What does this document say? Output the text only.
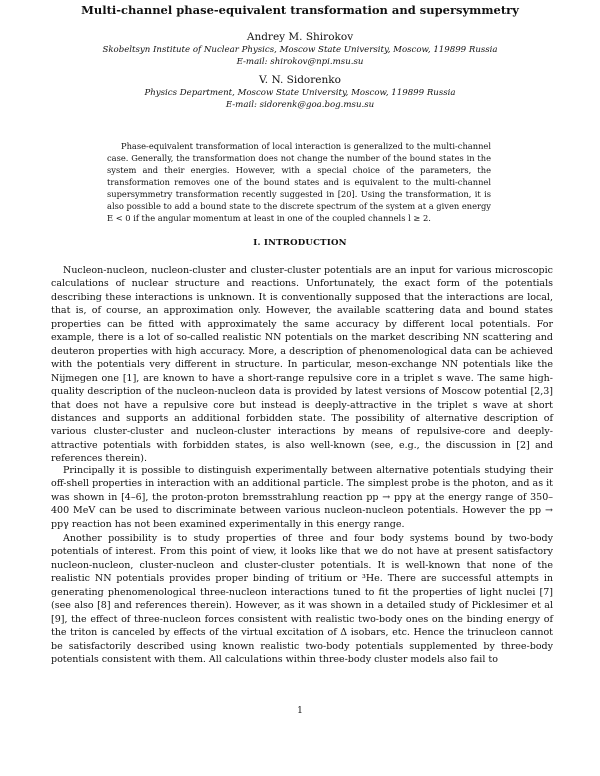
Multi-channel phase-equivalent transformation and supersymmetry
Andrey M. Shirokov
Skobeltsyn Institute of Nuclear Physics, Moscow State University, Moscow, 119899 Russia
E-mail: shirokov@npi.msu.su
V. N. Sidorenko
Physics Department, Moscow State University, Moscow, 119899 Russia
E-mail: sidorenk@goa.bog.msu.su

Phase-equivalent transformation of local interaction is generalized to the multi-channel case. Generally, the transformation does not change the number of the bound states in the system and their energies. However, with a special choice of the parameters, the transformation removes one of the bound states and is equivalent to the multi-channel supersymmetry transformation recently suggested in [20]. Using the transformation, it is also possible to add a bound state to the discrete spectrum of the system at a given energy E < 0 if the angular momentum at least in one of the coupled channels l ≥ 2.

I. INTRODUCTION

Nucleon-nucleon, nucleon-cluster and cluster-cluster potentials are an input for various microscopic calculations of nuclear structure and reactions. Unfortunately, the exact form of the potentials describing these interactions is unknown. It is conventionally supposed that the interactions are local, that is, of course, an approximation only. However, the available scattering data and bound states properties can be fitted with approximately the same accuracy by different local potentials. For example, there is a lot of so-called realistic NN potentials on the market describing NN scattering and deuteron properties with high accuracy. More, a description of phenomenological data can be achieved with the potentials very different in structure. In particular, meson-exchange NN potentials like the Nijmegen one [1], are known to have a short-range repulsive core in a triplet s wave. The same high-quality description of the nucleon-nucleon data is provided by latest versions of Moscow potential [2,3] that does not have a repulsive core but instead is deeply-attractive in the triplet s wave at short distances and supports an additional forbidden state. The possibility of alternative description of various cluster-cluster and nucleon-cluster interactions by means of repulsive-core and deeply-attractive potentials with forbidden states, is also well-known (see, e.g., the discussion in [2] and references therein).

Principally it is possible to distinguish experimentally between alternative potentials studying their off-shell properties in interaction with an additional particle. The simplest probe is the photon, and as it was shown in [4–6], the proton-proton bremsstrahlung reaction pp → ppγ at the energy range of 350–400 MeV can be used to discriminate between various nucleon-nucleon potentials. However the pp → ppγ reaction has not been examined experimentally in this energy range.

Another possibility is to study properties of three and four body systems bound by two-body potentials of interest. From this point of view, it looks like that we do not have at present satisfactory nucleon-nucleon, cluster-nucleon and cluster-cluster potentials. It is well-known that none of the realistic NN potentials provides proper binding of tritium or ³He. There are successful attempts in generating phenomenological three-nucleon interactions tuned to fit the properties of light nuclei [7] (see also [8] and references therein). However, as it was shown in a detailed study of Picklesimer et al [9], the effect of three-nucleon forces consistent with realistic two-body ones on the binding energy of the triton is canceled by effects of the virtual excitation of Δ isobars, etc. Hence the trinucleon cannot be satisfactorily described using known realistic two-body potentials supplemented by three-body potentials consistent with them. All calculations within three-body cluster models also fail to

1
